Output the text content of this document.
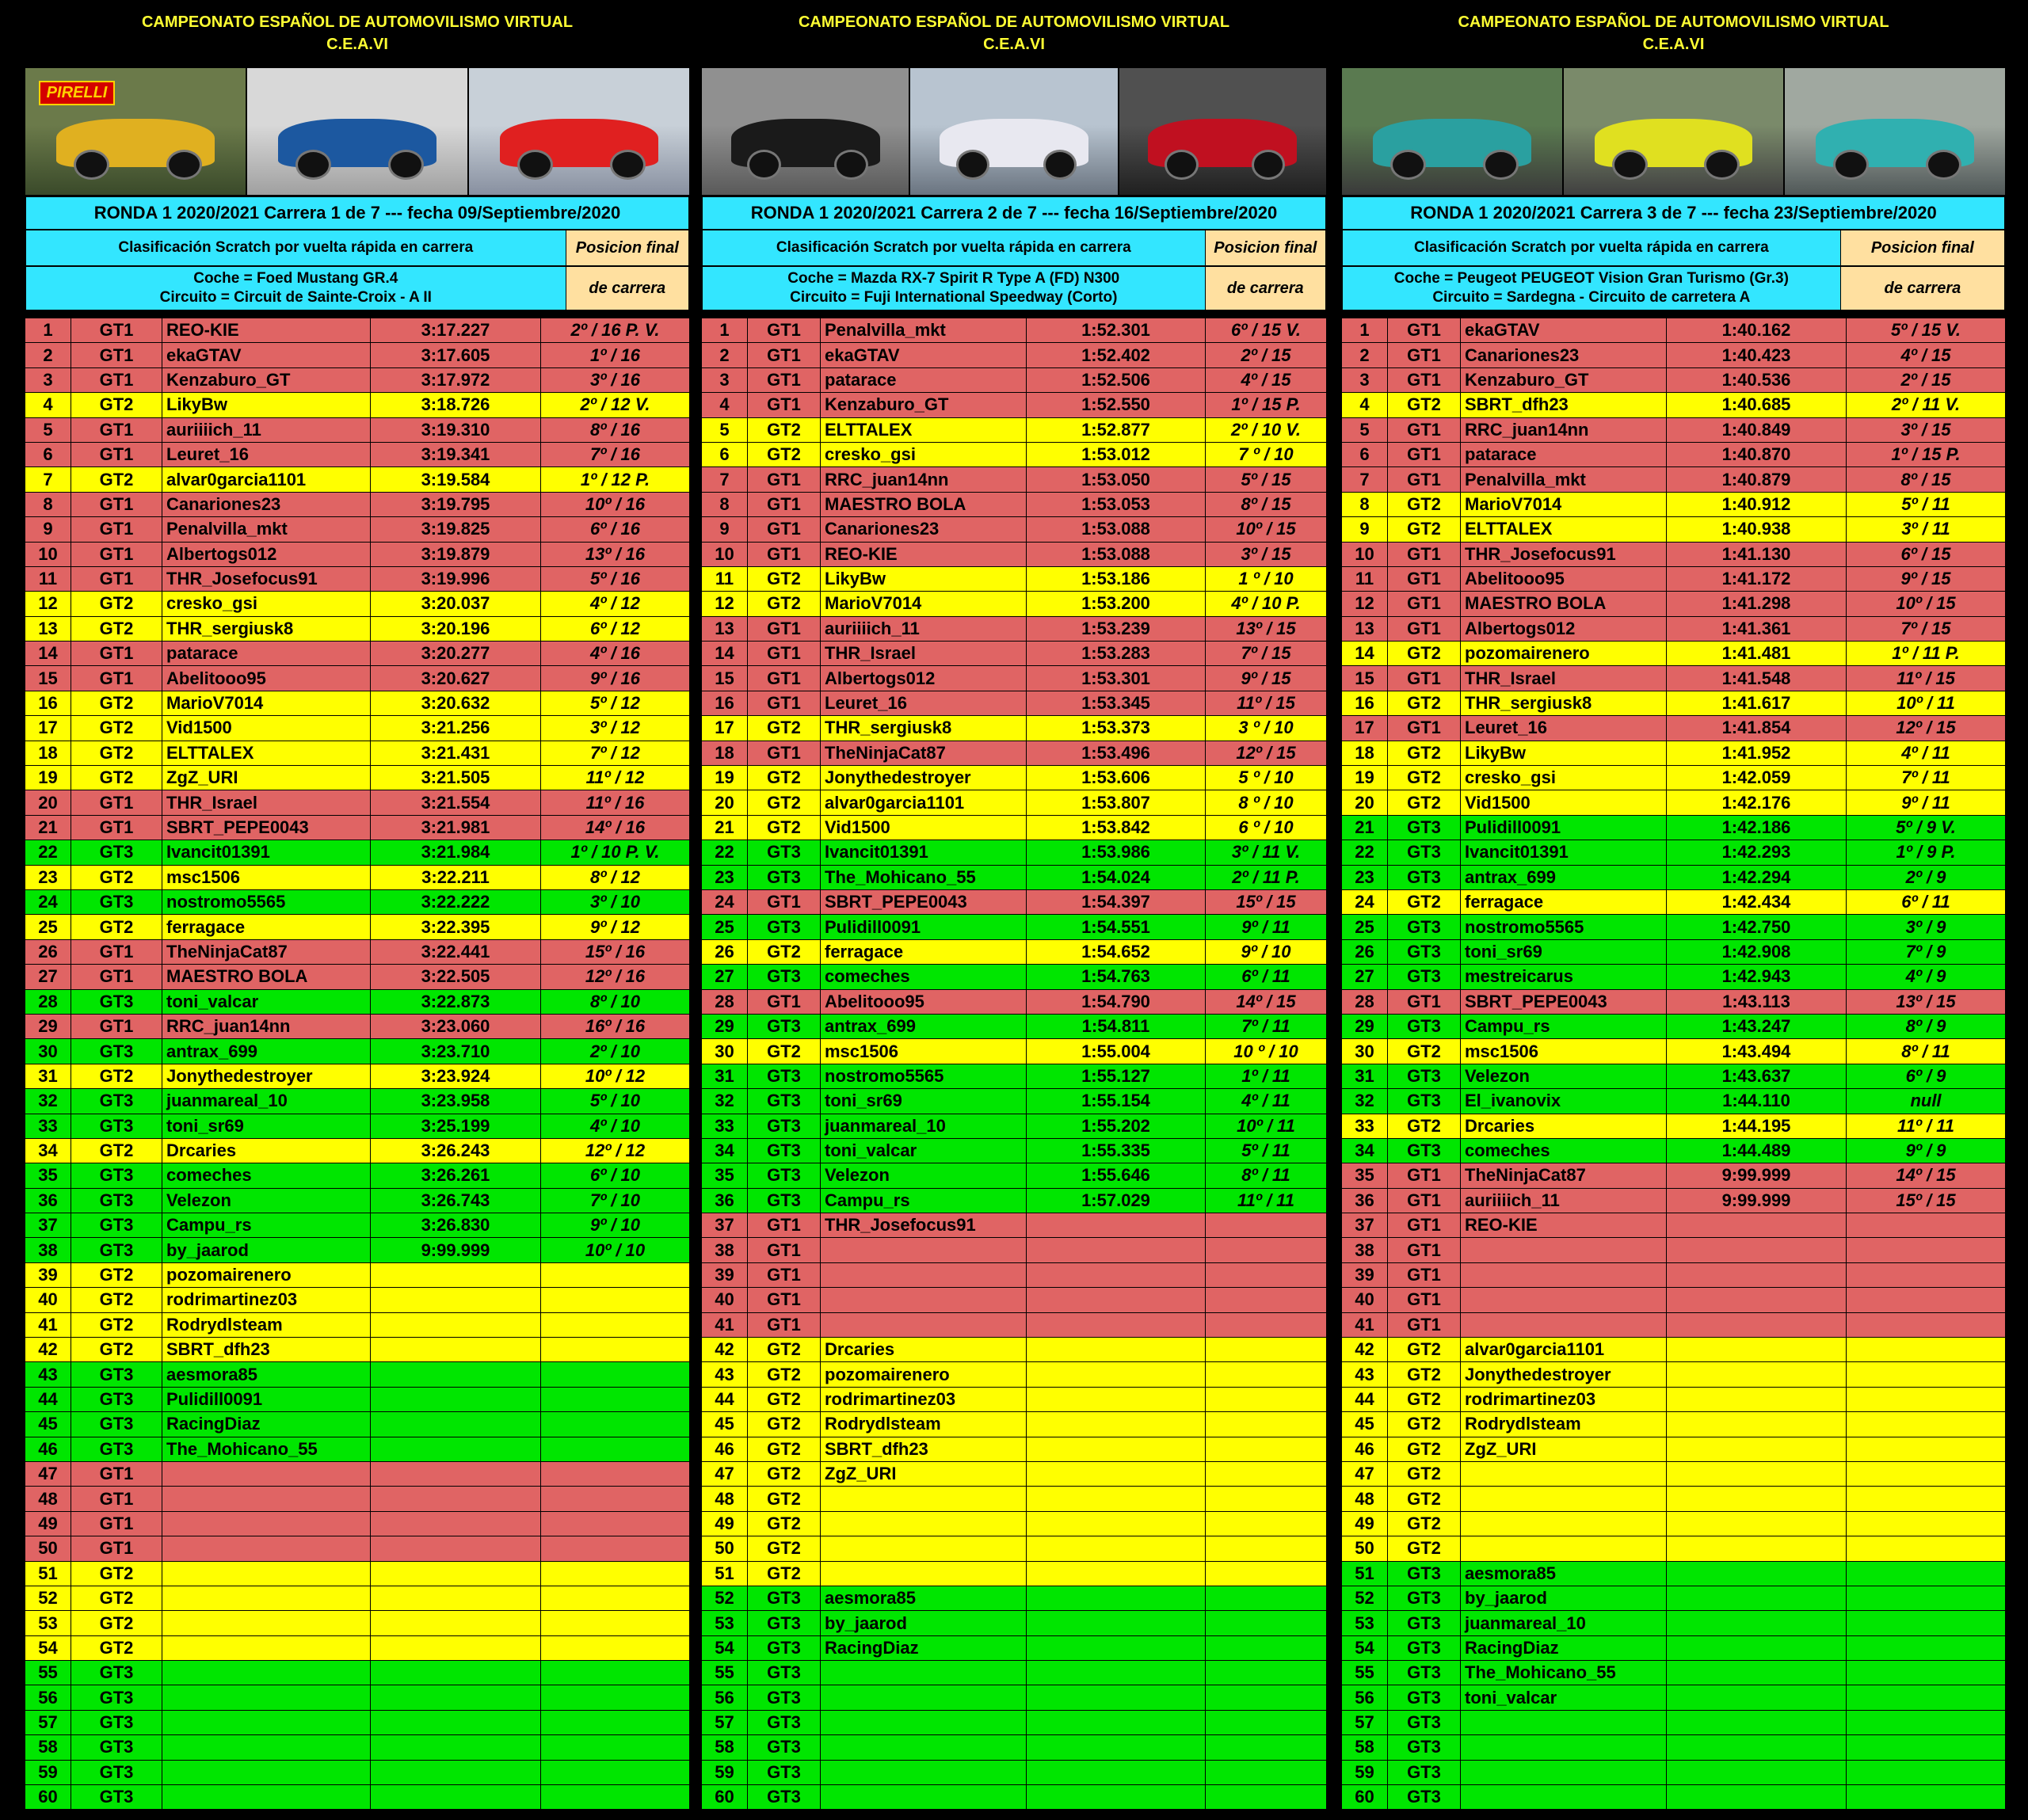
CAMPEONATO ESPAÑOL DE AUTOMOVILISMO VIRTUAL
C.E.A.VI
PIRELLI
RONDA 1 2020/2021 Carrera 1 de 7 --- fecha 09/Septiembre/2020
Clasificación Scratch por vuelta rápida en carrera	Posicion final
Coche = Foed Mustang GR.4
Circuito = Circuit de Sainte-Croix - A II
de carrera
1	GT1	REO-KIE	3:17.227	2º / 16 P. V.
2	GT1	ekaGTAV	3:17.605	1º / 16
3	GT1	Kenzaburo_GT	3:17.972	3º / 16
4	GT2	LikyBw	3:18.726	2º / 12 V.
5	GT1	auriiiich_11	3:19.310	8º / 16
6	GT1	Leuret_16	3:19.341	7º / 16
7	GT2	alvar0garcia1101	3:19.584	1º / 12 P.
8	GT1	Canariones23	3:19.795	10º / 16
9	GT1	Penalvilla_mkt	3:19.825	6º / 16
10	GT1	Albertogs012	3:19.879	13º / 16
11	GT1	THR_Josefocus91	3:19.996	5º / 16
12	GT2	cresko_gsi	3:20.037	4º / 12
13	GT2	THR_sergiusk8	3:20.196	6º / 12
14	GT1	patarace	3:20.277	4º / 16
15	GT1	Abelitooo95	3:20.627	9º / 16
16	GT2	MarioV7014	3:20.632	5º / 12
17	GT2	Vid1500	3:21.256	3º / 12
18	GT2	ELTTALEX	3:21.431	7º / 12
19	GT2	ZgZ_URI	3:21.505	11º / 12
20	GT1	THR_Israel	3:21.554	11º / 16
21	GT1	SBRT_PEPE0043	3:21.981	14º / 16
22	GT3	Ivancit01391	3:21.984	1º / 10 P. V.
23	GT2	msc1506	3:22.211	8º / 12
24	GT3	nostromo5565	3:22.222	3º / 10
25	GT2	ferragace	3:22.395	9º / 12
26	GT1	TheNinjaCat87	3:22.441	15º / 16
27	GT1	MAESTRO BOLA	3:22.505	12º / 16
28	GT3	toni_valcar	3:22.873	8º / 10
29	GT1	RRC_juan14nn	3:23.060	16º / 16
30	GT3	antrax_699	3:23.710	2º / 10
31	GT2	Jonythedestroyer	3:23.924	10º / 12
32	GT3	juanmareal_10	3:23.958	5º / 10
33	GT3	toni_sr69	3:25.199	4º / 10
34	GT2	Drcaries	3:26.243	12º / 12
35	GT3	comeches	3:26.261	6º / 10
36	GT3	Velezon	3:26.743	7º / 10
37	GT3	Campu_rs	3:26.830	9º / 10
38	GT3	by_jaarod	9:99.999	10º / 10
39	GT2	pozomairenero
40	GT2	rodrimartinez03
41	GT2	Rodrydlsteam
42	GT2	SBRT_dfh23
43	GT3	aesmora85
44	GT3	Pulidill0091
45	GT3	RacingDiaz
46	GT3	The_Mohicano_55
47	GT1
48	GT1
49	GT1
50	GT1
51	GT2
52	GT2
53	GT2
54	GT2
55	GT3
56	GT3
57	GT3
58	GT3
59	GT3
60	GT3
CAMPEONATO ESPAÑOL DE AUTOMOVILISMO VIRTUAL
C.E.A.VI
RONDA 1 2020/2021 Carrera 2 de 7 --- fecha 16/Septiembre/2020
Clasificación Scratch por vuelta rápida en carrera	Posicion final
Coche = Mazda RX-7 Spirit R Type A (FD) N300
Circuito = Fuji International Speedway (Corto)
de carrera
1	GT1	Penalvilla_mkt	1:52.301	6º / 15 V.
2	GT1	ekaGTAV	1:52.402	2º / 15
3	GT1	patarace	1:52.506	4º / 15
4	GT1	Kenzaburo_GT	1:52.550	1º / 15 P.
5	GT2	ELTTALEX	1:52.877	2º / 10 V.
6	GT2	cresko_gsi	1:53.012	7 º / 10
7	GT1	RRC_juan14nn	1:53.050	5º / 15
8	GT1	MAESTRO BOLA	1:53.053	8º / 15
9	GT1	Canariones23	1:53.088	10º / 15
10	GT1	REO-KIE	1:53.088	3º / 15
11	GT2	LikyBw	1:53.186	1 º / 10
12	GT2	MarioV7014	1:53.200	4º / 10 P.
13	GT1	auriiiich_11	1:53.239	13º / 15
14	GT1	THR_Israel	1:53.283	7º / 15
15	GT1	Albertogs012	1:53.301	9º / 15
16	GT1	Leuret_16	1:53.345	11º / 15
17	GT2	THR_sergiusk8	1:53.373	3 º / 10
18	GT1	TheNinjaCat87	1:53.496	12º / 15
19	GT2	Jonythedestroyer	1:53.606	5 º / 10
20	GT2	alvar0garcia1101	1:53.807	8 º / 10
21	GT2	Vid1500	1:53.842	6 º / 10
22	GT3	Ivancit01391	1:53.986	3º / 11 V.
23	GT3	The_Mohicano_55	1:54.024	2º / 11 P.
24	GT1	SBRT_PEPE0043	1:54.397	15º / 15
25	GT3	Pulidill0091	1:54.551	9º / 11
26	GT2	ferragace	1:54.652	9º / 10
27	GT3	comeches	1:54.763	6º / 11
28	GT1	Abelitooo95	1:54.790	14º / 15
29	GT3	antrax_699	1:54.811	7º / 11
30	GT2	msc1506	1:55.004	10 º / 10
31	GT3	nostromo5565	1:55.127	1º / 11
32	GT3	toni_sr69	1:55.154	4º / 11
33	GT3	juanmareal_10	1:55.202	10º / 11
34	GT3	toni_valcar	1:55.335	5º / 11
35	GT3	Velezon	1:55.646	8º / 11
36	GT3	Campu_rs	1:57.029	11º / 11
37	GT1	THR_Josefocus91
38	GT1
39	GT1
40	GT1
41	GT1
42	GT2	Drcaries
43	GT2	pozomairenero
44	GT2	rodrimartinez03
45	GT2	Rodrydlsteam
46	GT2	SBRT_dfh23
47	GT2	ZgZ_URI
48	GT2
49	GT2
50	GT2
51	GT2
52	GT3	aesmora85
53	GT3	by_jaarod
54	GT3	RacingDiaz
55	GT3
56	GT3
57	GT3
58	GT3
59	GT3
60	GT3
CAMPEONATO ESPAÑOL DE AUTOMOVILISMO VIRTUAL
C.E.A.VI
RONDA 1 2020/2021 Carrera 3 de 7 --- fecha 23/Septiembre/2020
Clasificación Scratch por vuelta rápida en carrera	Posicion final
Coche = Peugeot PEUGEOT Vision Gran Turismo (Gr.3)
Circuito = Sardegna - Circuito de carretera A
de carrera
1	GT1	ekaGTAV	1:40.162	5º / 15 V.
2	GT1	Canariones23	1:40.423	4º / 15
3	GT1	Kenzaburo_GT	1:40.536	2º / 15
4	GT2	SBRT_dfh23	1:40.685	2º / 11 V.
5	GT1	RRC_juan14nn	1:40.849	3º / 15
6	GT1	patarace	1:40.870	1º / 15 P.
7	GT1	Penalvilla_mkt	1:40.879	8º / 15
8	GT2	MarioV7014	1:40.912	5º / 11
9	GT2	ELTTALEX	1:40.938	3º / 11
10	GT1	THR_Josefocus91	1:41.130	6º / 15
11	GT1	Abelitooo95	1:41.172	9º / 15
12	GT1	MAESTRO BOLA	1:41.298	10º / 15
13	GT1	Albertogs012	1:41.361	7º / 15
14	GT2	pozomairenero	1:41.481	1º / 11 P.
15	GT1	THR_Israel	1:41.548	11º / 15
16	GT2	THR_sergiusk8	1:41.617	10º / 11
17	GT1	Leuret_16	1:41.854	12º / 15
18	GT2	LikyBw	1:41.952	4º / 11
19	GT2	cresko_gsi	1:42.059	7º / 11
20	GT2	Vid1500	1:42.176	9º / 11
21	GT3	Pulidill0091	1:42.186	5º / 9 V.
22	GT3	Ivancit01391	1:42.293	1º / 9 P.
23	GT3	antrax_699	1:42.294	2º / 9
24	GT2	ferragace	1:42.434	6º / 11
25	GT3	nostromo5565	1:42.750	3º / 9
26	GT3	toni_sr69	1:42.908	7º / 9
27	GT3	mestreicarus	1:42.943	4º / 9
28	GT1	SBRT_PEPE0043	1:43.113	13º / 15
29	GT3	Campu_rs	1:43.247	8º / 9
30	GT2	msc1506	1:43.494	8º / 11
31	GT3	Velezon	1:43.637	6º / 9
32	GT3	El_ivanovix	1:44.110	null
33	GT2	Drcaries	1:44.195	11º / 11
34	GT3	comeches	1:44.489	9º / 9
35	GT1	TheNinjaCat87	9:99.999	14º / 15
36	GT1	auriiiich_11	9:99.999	15º / 15
37	GT1	REO-KIE
38	GT1
39	GT1
40	GT1
41	GT1
42	GT2	alvar0garcia1101
43	GT2	Jonythedestroyer
44	GT2	rodrimartinez03
45	GT2	Rodrydlsteam
46	GT2	ZgZ_URI
47	GT2
48	GT2
49	GT2
50	GT2
51	GT3	aesmora85
52	GT3	by_jaarod
53	GT3	juanmareal_10
54	GT3	RacingDiaz
55	GT3	The_Mohicano_55
56	GT3	toni_valcar
57	GT3
58	GT3
59	GT3
60	GT3
